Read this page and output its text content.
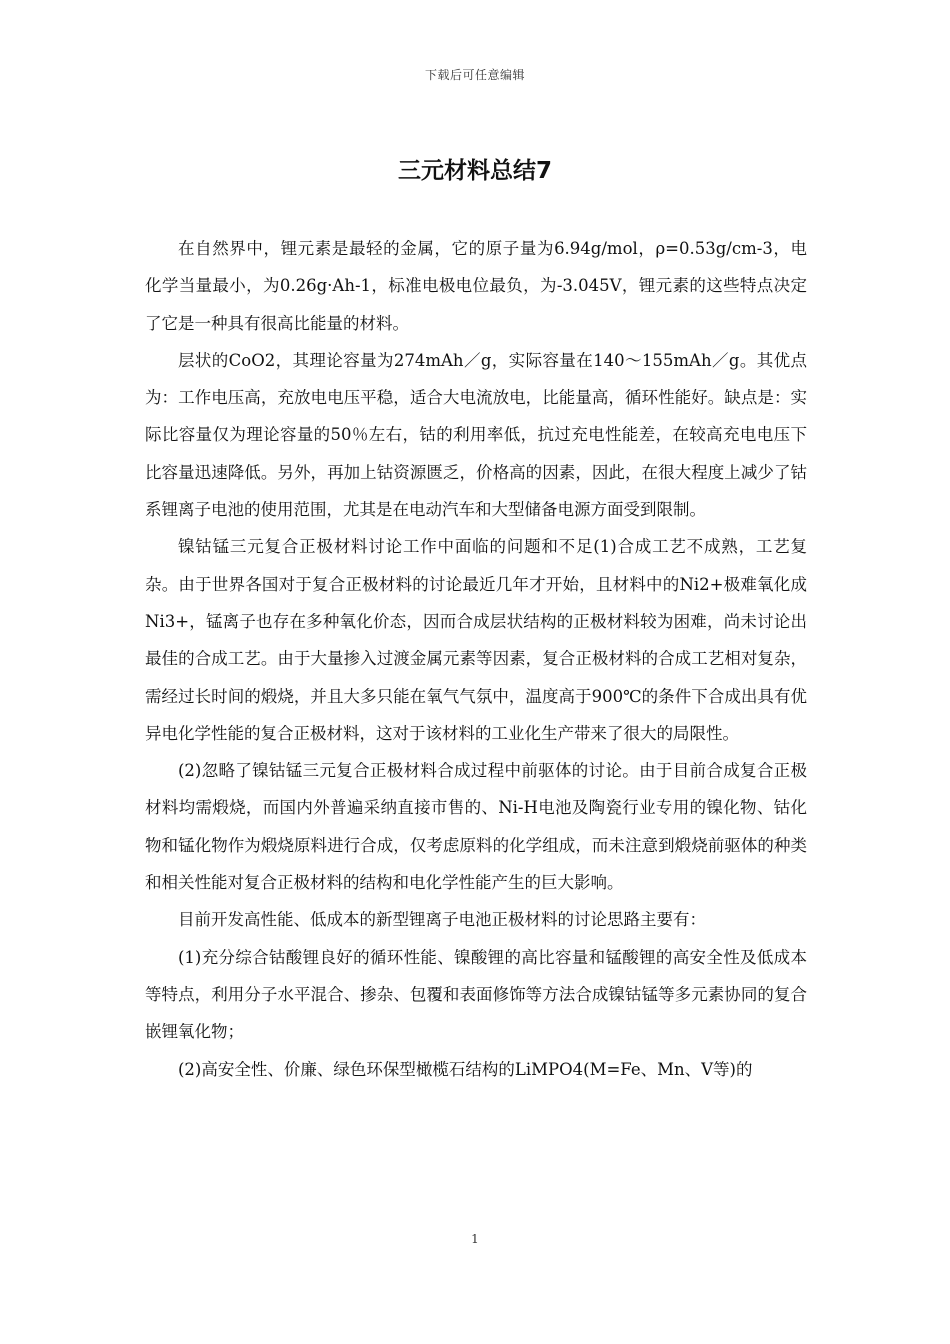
下载后可任意编辑
三元材料总结7

在自然界中，锂元素是最轻的金属，它的原子量为6.94g/mol，ρ=0.53g/cm-3，电化学当量最小，为0.26g·Ah-1，标准电极电位最负，为-3.045V，锂元素的这些特点决定了它是一种具有很高比能量的材料。

层状的CoO2，其理论容量为274mAh／g，实际容量在140～155mAh／g。其优点为：工作电压高，充放电电压平稳，适合大电流放电，比能量高，循环性能好。缺点是：实际比容量仅为理论容量的50％左右，钴的利用率低，抗过充电性能差，在较高充电电压下比容量迅速降低。另外，再加上钴资源匮乏，价格高的因素，因此，在很大程度上减少了钴系锂离子电池的使用范围，尤其是在电动汽车和大型储备电源方面受到限制。

镍钴锰三元复合正极材料讨论工作中面临的问题和不足(1)合成工艺不成熟，工艺复杂。由于世界各国对于复合正极材料的讨论最近几年才开始，且材料中的Ni2+极难氧化成Ni3+，锰离子也存在多种氧化价态，因而合成层状结构的正极材料较为困难，尚未讨论出最佳的合成工艺。由于大量掺入过渡金属元素等因素，复合正极材料的合成工艺相对复杂，需经过长时间的煅烧，并且大多只能在氧气气氛中，温度高于900℃的条件下合成出具有优异电化学性能的复合正极材料，这对于该材料的工业化生产带来了很大的局限性。

(2)忽略了镍钴锰三元复合正极材料合成过程中前驱体的讨论。由于目前合成复合正极材料均需煅烧，而国内外普遍采纳直接市售的、Ni-H电池及陶瓷行业专用的镍化物、钴化物和锰化物作为煅烧原料进行合成，仅考虑原料的化学组成，而未注意到煅烧前驱体的种类和相关性能对复合正极材料的结构和电化学性能产生的巨大影响。

目前开发高性能、低成本的新型锂离子电池正极材料的讨论思路主要有：

(1)充分综合钴酸锂良好的循环性能、镍酸锂的高比容量和锰酸锂的高安全性及低成本等特点，利用分子水平混合、掺杂、包覆和表面修饰等方法合成镍钴锰等多元素协同的复合嵌锂氧化物；

(2)高安全性、价廉、绿色环保型橄榄石结构的LiMPO4(M=Fe、Mn、V等)的

1
